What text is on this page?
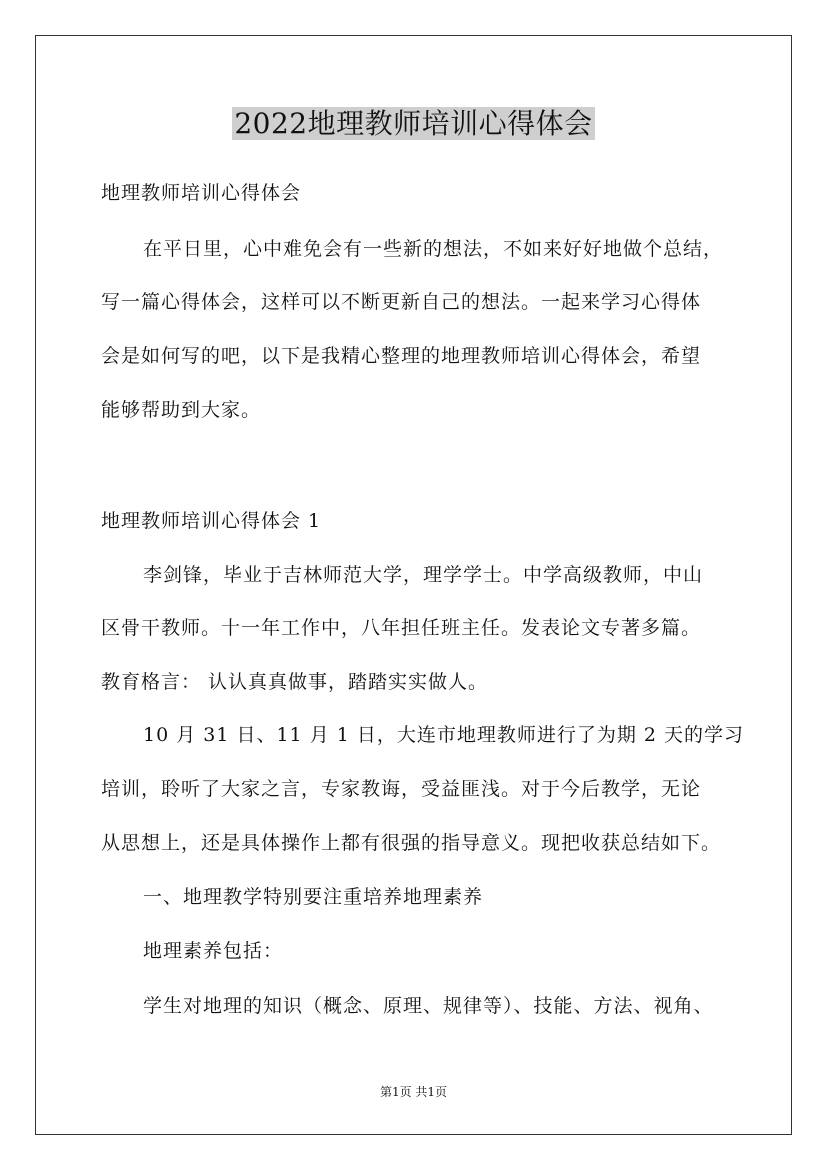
2022地理教师培训心得体会
地理教师培训心得体会
在平日里，心中难免会有一些新的想法，不如来好好地做个总结，
写一篇心得体会，这样可以不断更新自己的想法。一起来学习心得体
会是如何写的吧，以下是我精心整理的地理教师培训心得体会，希望
能够帮助到大家。
地理教师培训心得体会 1
李剑锋，毕业于吉林师范大学，理学学士。中学高级教师，中山
区骨干教师。十一年工作中，八年担任班主任。发表论文专著多篇。
教育格言： 认认真真做事，踏踏实实做人。
10 月 31 日、11 月 1 日，大连市地理教师进行了为期 2 天的学习
培训，聆听了大家之言，专家教诲，受益匪浅。对于今后教学，无论
从思想上，还是具体操作上都有很强的指导意义。现把收获总结如下。
一、地理教学特别要注重培养地理素养
地理素养包括：
学生对地理的知识（概念、原理、规律等）、技能、方法、视角、
第1页 共1页
